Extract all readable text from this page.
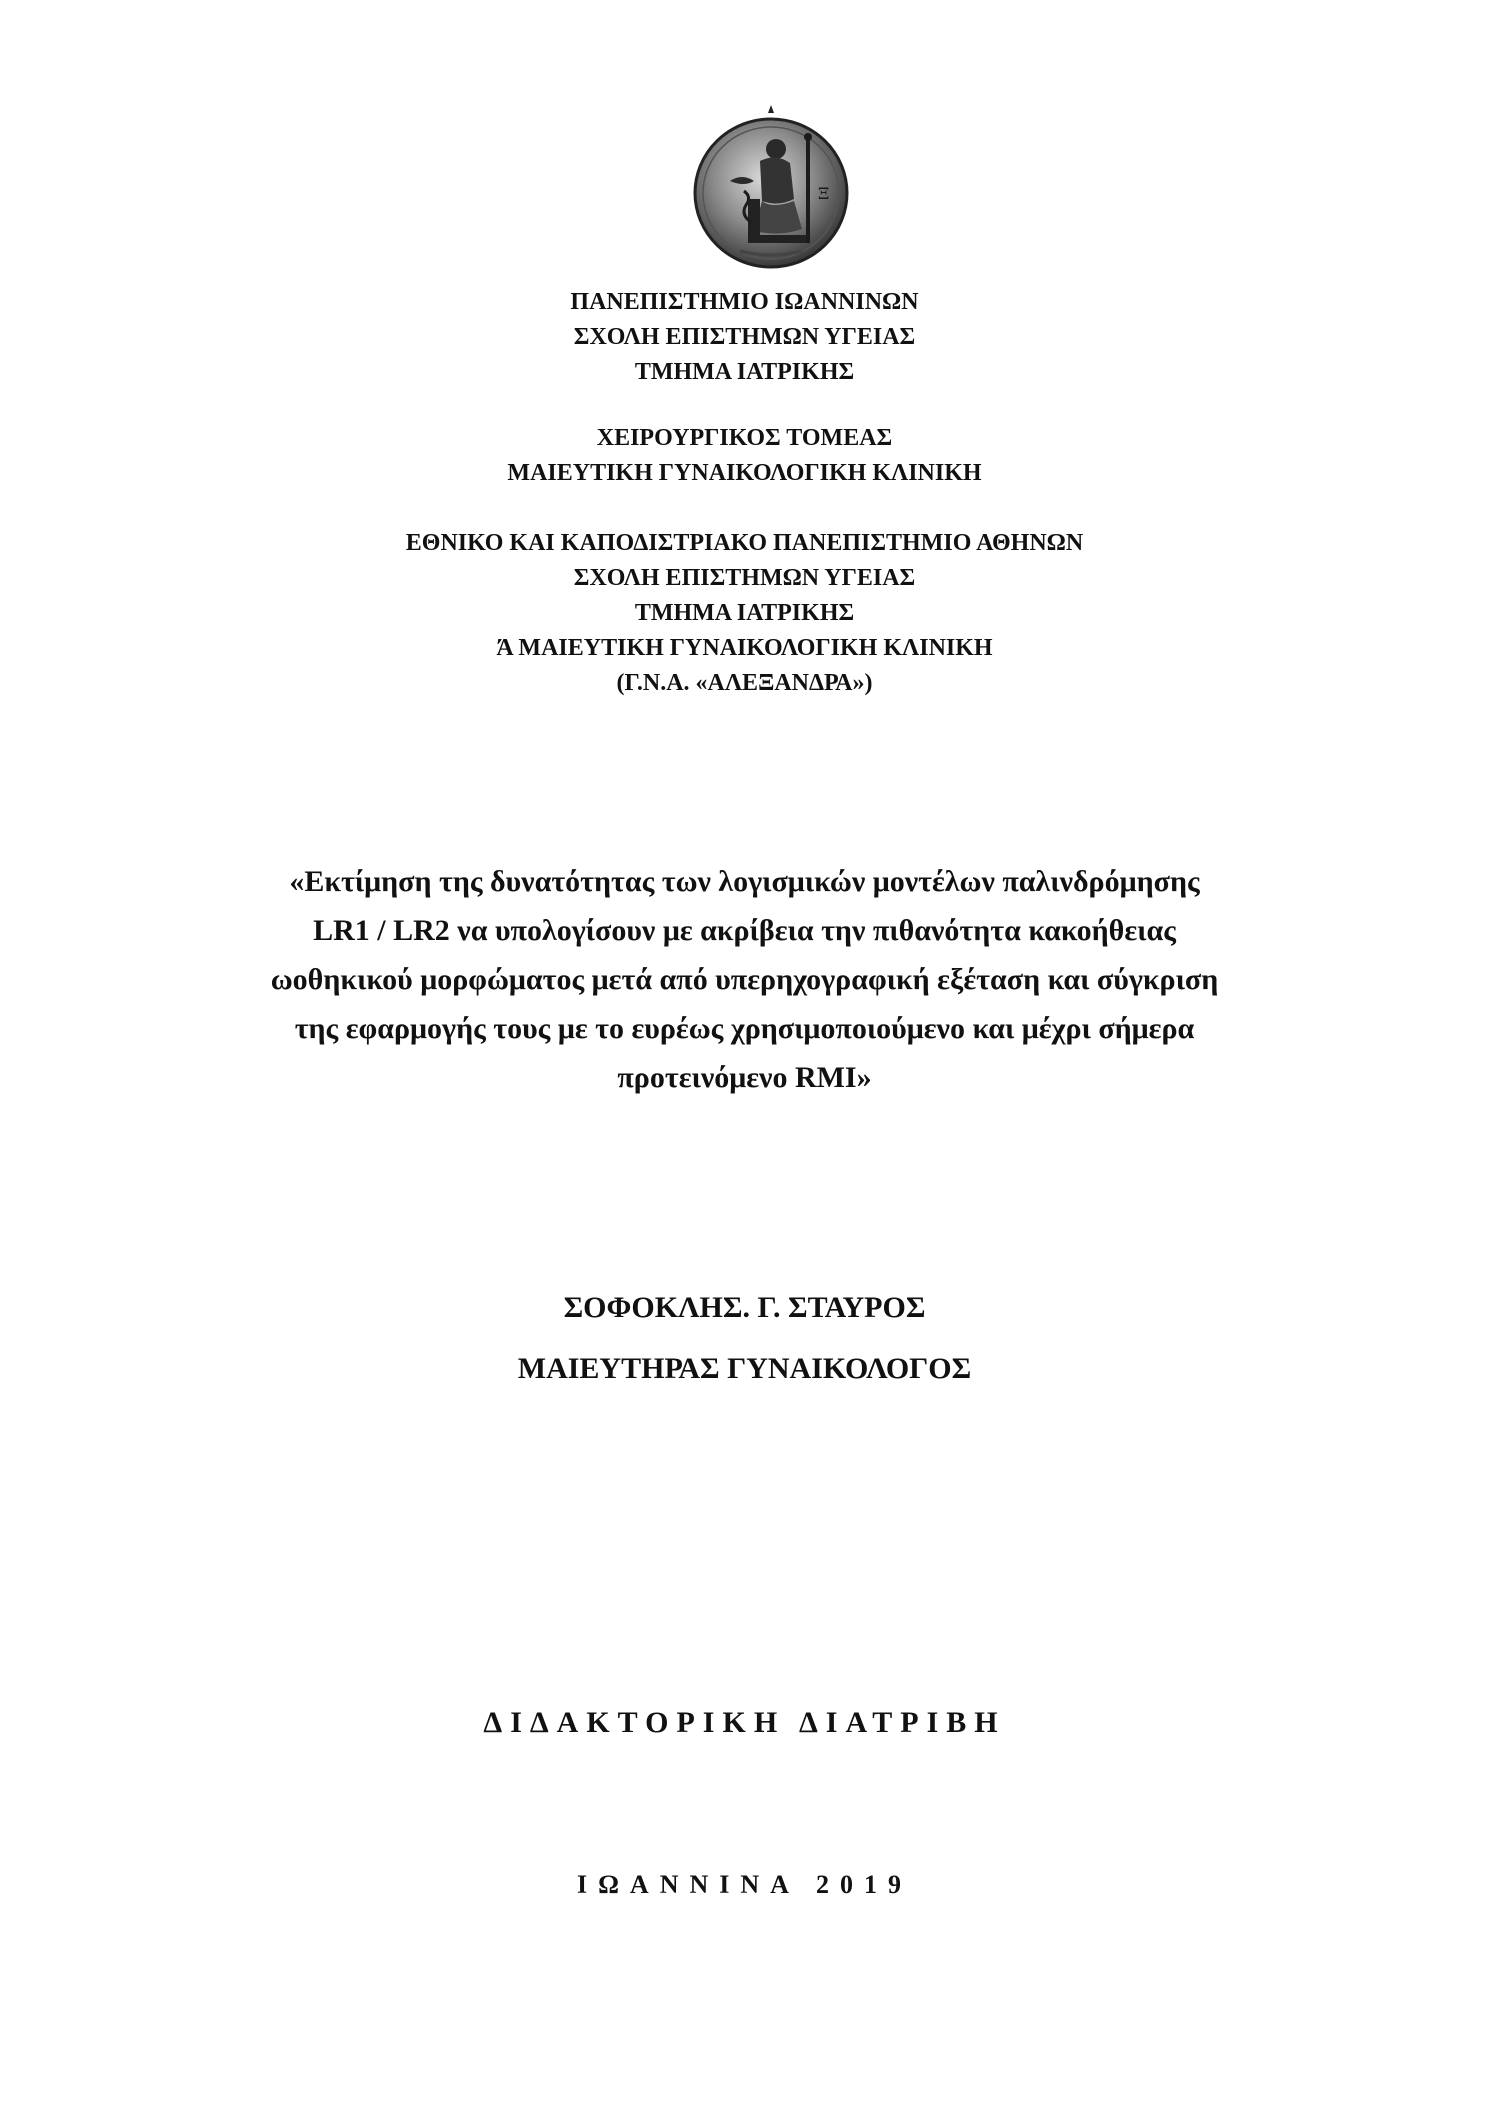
Ξ
ΠΑΝΕΠΙΣΤΗΜΙΟ ΙΩΑΝΝΙΝΩΝ
ΣΧΟΛΗ ΕΠΙΣΤΗΜΩΝ ΥΓΕΙΑΣ
ΤΜΗΜΑ ΙΑΤΡΙΚΗΣ
ΧΕΙΡΟΥΡΓΙΚΟΣ ΤΟΜΕΑΣ
ΜΑΙΕΥΤΙΚΗ ΓΥΝΑΙΚΟΛΟΓΙΚΗ ΚΛΙΝΙΚΗ
ΕΘΝΙΚΟ ΚΑΙ ΚΑΠΟΔΙΣΤΡΙΑΚΟ ΠΑΝΕΠΙΣΤΗΜΙΟ ΑΘΗΝΩΝ
ΣΧΟΛΗ ΕΠΙΣΤΗΜΩΝ ΥΓΕΙΑΣ
ΤΜΗΜΑ ΙΑΤΡΙΚΗΣ
Ά ΜΑΙΕΥΤΙΚΗ ΓΥΝΑΙΚΟΛΟΓΙΚΗ ΚΛΙΝΙΚΗ
(Γ.Ν.Α. «ΑΛΕΞΑΝΔΡΑ»)
«Εκτίμηση της δυνατότητας των λογισμικών μοντέλων παλινδρόμησης
LR1 / LR2 να υπολογίσουν με ακρίβεια την πιθανότητα κακοήθειας
ωοθηκικού μορφώματος μετά από υπερηχογραφική εξέταση και σύγκριση
της εφαρμογής τους με το ευρέως χρησιμοποιούμενο και μέχρι σήμερα
προτεινόμενο RMI»
ΣΟΦΟΚΛΗΣ. Γ. ΣΤΑΥΡΟΣ
ΜΑΙΕΥΤΗΡΑΣ ΓΥΝΑΙΚΟΛΟΓΟΣ
ΔΙΔΑΚΤΟΡΙΚΗ ΔΙΑΤΡΙΒΗ
ΙΩΑΝΝΙΝΑ 2019
